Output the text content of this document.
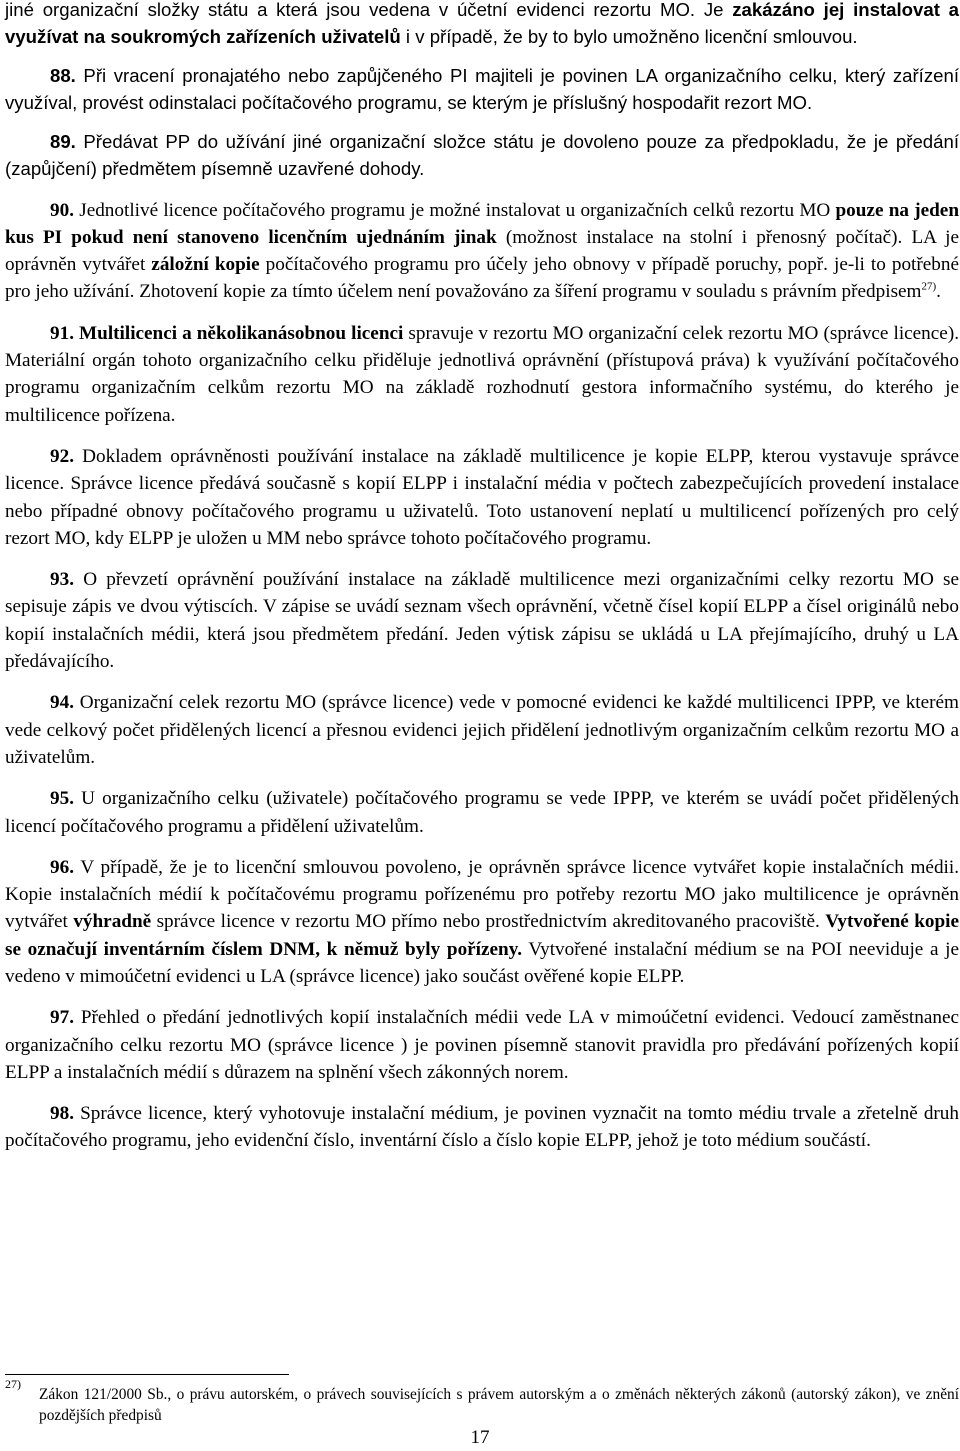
jiné organizační složky státu a která jsou vedena v účetní evidenci rezortu MO. Je zakázáno jej instalovat a využívat na soukromých zařízeních uživatelů i v případě, že by to bylo umožněno licenční smlouvou.

88. Při vracení pronajatého nebo zapůjčeného PI majiteli je povinen LA organizačního celku, který zařízení využíval, provést odinstalaci počítačového programu, se kterým je příslušný hospodařit rezort MO.

89. Předávat PP do užívání jiné organizační složce státu je dovoleno pouze za předpokladu, že je předání (zapůjčení) předmětem písemně uzavřené dohody.

90. Jednotlivé licence počítačového programu je možné instalovat u organizačních celků rezortu MO pouze na jeden kus PI pokud není stanoveno licenčním ujednáním jinak (možnost instalace na stolní i přenosný počítač). LA je oprávněn vytvářet záložní kopie počítačového programu pro účely jeho obnovy v případě poruchy, popř. je-li to potřebné pro jeho užívání. Zhotovení kopie za tímto účelem není považováno za šíření programu v souladu s právním předpisem$^{27)}$.

91. Multilicenci a několikanásobnou licenci spravuje v rezortu MO organizační celek rezortu MO (správce licence). Materiální orgán tohoto organizačního celku přiděluje jednotlivá oprávnění (přístupová práva) k využívání počítačového programu organizačním celkům rezortu MO na základě rozhodnutí gestora informačního systému, do kterého je multilicence pořízena.

92. Dokladem oprávněnosti používání instalace na základě multilicence je kopie ELPP, kterou vystavuje správce licence. Správce licence předává současně s kopií ELPP i instalační média v počtech zabezpečujících provedení instalace nebo případné obnovy počítačového programu u uživatelů. Toto ustanovení neplatí u multilicencí pořízených pro celý rezort MO, kdy ELPP je uložen u MM nebo správce tohoto počítačového programu.

93. O převzetí oprávnění používání instalace na základě multilicence mezi organizačními celky rezortu MO se sepisuje zápis ve dvou výtiscích. V zápise se uvádí seznam všech oprávnění, včetně čísel kopií ELPP a čísel originálů nebo kopií instalačních médii, která jsou předmětem předání. Jeden výtisk zápisu se ukládá u LA přejímajícího, druhý u LA předávajícího.

94. Organizační celek rezortu MO (správce licence) vede v pomocné evidenci ke každé multilicenci IPPP, ve kterém vede celkový počet přidělených licencí a přesnou evidenci jejich přidělení jednotlivým organizačním celkům rezortu MO a uživatelům.

95. U organizačního celku (uživatele) počítačového programu se vede IPPP, ve kterém se uvádí počet přidělených licencí počítačového programu a přidělení uživatelům.

96. V případě, že je to licenční smlouvou povoleno, je oprávněn správce licence vytvářet kopie instalačních médii. Kopie instalačních médií k počítačovému programu pořízenému pro potřeby rezortu MO jako multilicence je oprávněn vytvářet výhradně správce licence v rezortu MO přímo nebo prostřednictvím akreditovaného pracoviště. Vytvořené kopie se označují inventárním číslem DNM, k němuž byly pořízeny. Vytvořené instalační médium se na POI neeviduje a je vedeno v mimoúčetní evidenci u LA (správce licence) jako součást ověřené kopie ELPP.

97. Přehled o předání jednotlivých kopií instalačních médii vede LA v mimoúčetní evidenci. Vedoucí zaměstnanec organizačního celku rezortu MO (správce licence ) je povinen písemně stanovit pravidla pro předávání pořízených kopií ELPP a instalačních médií s důrazem na splnění všech zákonných norem.

98. Správce licence, který vyhotovuje instalační médium, je povinen vyznačit na tomto médiu trvale a zřetelně druh počítačového programu, jeho evidenční číslo, inventární číslo a číslo kopie ELPP, jehož je toto médium součástí.

27)
Zákon 121/2000 Sb., o právu autorském, o právech souvisejících s právem autorským a o změnách některých zákonů (autorský zákon), ve znění pozdějších předpisů
17
